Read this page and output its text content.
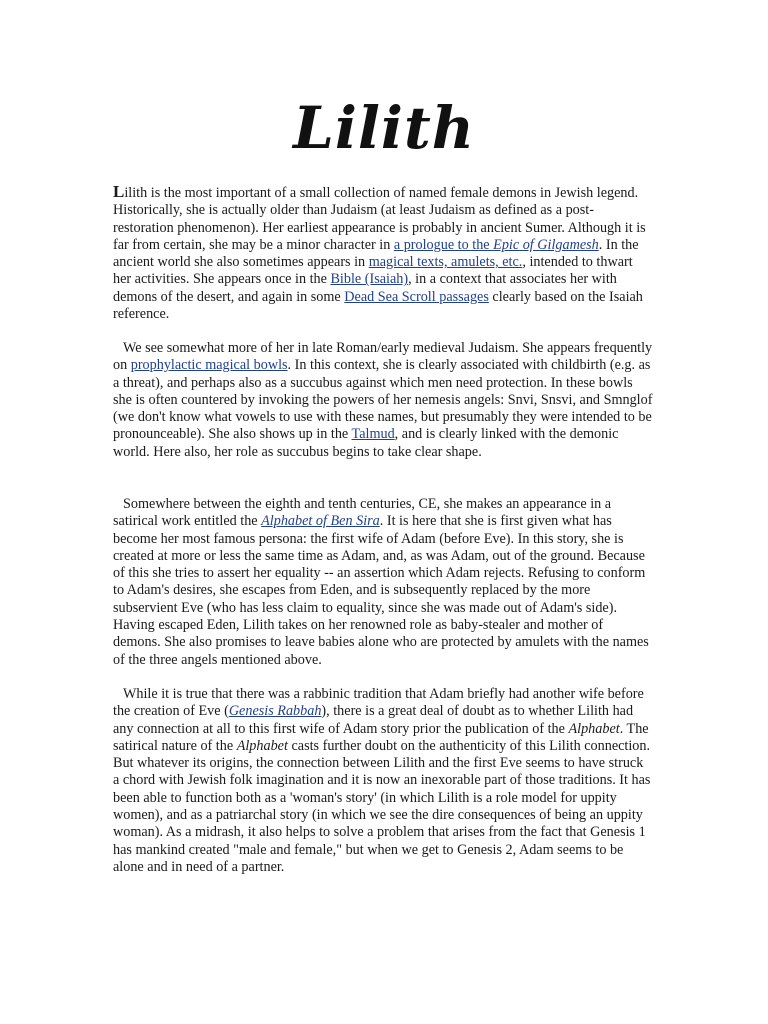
Lilith

Lilith is the most important of a small collection of named female demons in Jewish legend. Historically, she is actually older than Judaism (at least Judaism as defined as a post-restoration phenomenon). Her earliest appearance is probably in ancient Sumer. Although it is far from certain, she may be a minor character in a prologue to the Epic of Gilgamesh. In the ancient world she also sometimes appears in magical texts, amulets, etc., intended to thwart her activities. She appears once in the Bible (Isaiah), in a context that associates her with demons of the desert, and again in some Dead Sea Scroll passages clearly based on the Isaiah reference.

We see somewhat more of her in late Roman/early medieval Judaism. She appears frequently on prophylactic magical bowls. In this context, she is clearly associated with childbirth (e.g. as a threat), and perhaps also as a succubus against which men need protection. In these bowls she is often countered by invoking the powers of her nemesis angels: Snvi, Snsvi, and Smnglof (we don't know what vowels to use with these names, but presumably they were intended to be pronounceable). She also shows up in the Talmud, and is clearly linked with the demonic world. Here also, her role as succubus begins to take clear shape.

Somewhere between the eighth and tenth centuries, CE, she makes an appearance in a satirical work entitled the Alphabet of Ben Sira. It is here that she is first given what has become her most famous persona: the first wife of Adam (before Eve). In this story, she is created at more or less the same time as Adam, and, as was Adam, out of the ground. Because of this she tries to assert her equality -- an assertion which Adam rejects. Refusing to conform to Adam's desires, she escapes from Eden, and is subsequently replaced by the more subservient Eve (who has less claim to equality, since she was made out of Adam's side). Having escaped Eden, Lilith takes on her renowned role as baby-stealer and mother of demons. She also promises to leave babies alone who are protected by amulets with the names of the three angels mentioned above.

While it is true that there was a rabbinic tradition that Adam briefly had another wife before the creation of Eve (Genesis Rabbah), there is a great deal of doubt as to whether Lilith had any connection at all to this first wife of Adam story prior the publication of the Alphabet. The satirical nature of the Alphabet casts further doubt on the authenticity of this Lilith connection. But whatever its origins, the connection between Lilith and the first Eve seems to have struck a chord with Jewish folk imagination and it is now an inexorable part of those traditions. It has been able to function both as a 'woman's story' (in which Lilith is a role model for uppity women), and as a patriarchal story (in which we see the dire consequences of being an uppity woman). As a midrash, it also helps to solve a problem that arises from the fact that Genesis 1 has mankind created "male and female," but when we get to Genesis 2, Adam seems to be alone and in need of a partner.
